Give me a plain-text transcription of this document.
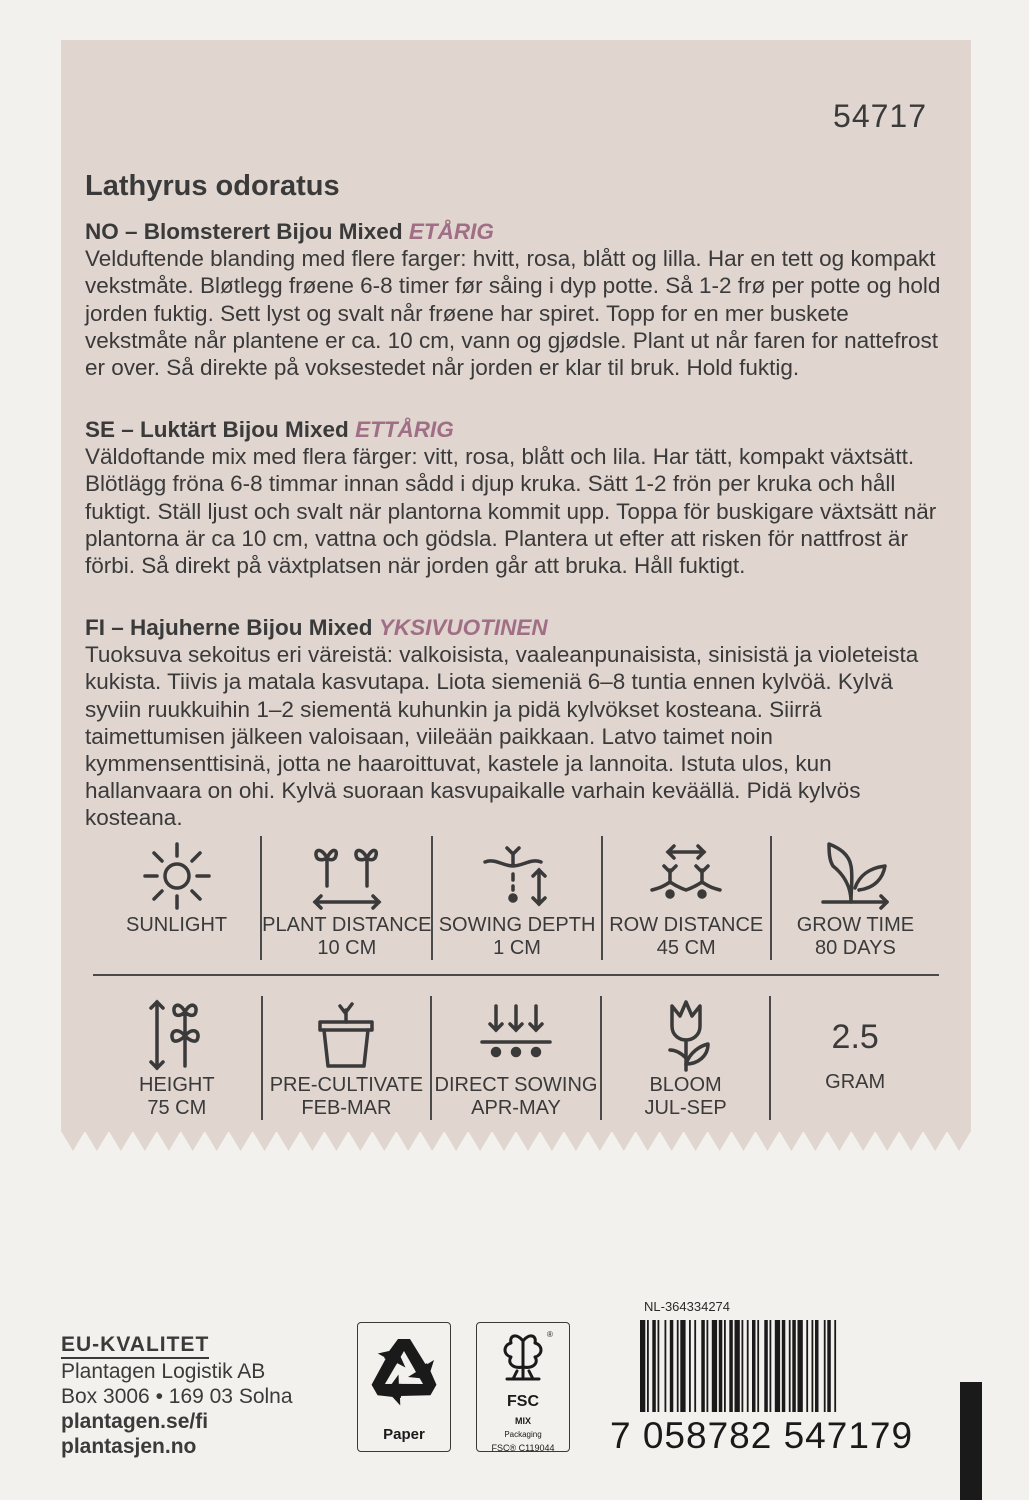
54717
Lathyrus odoratus
NO – Blomsterert Bijou Mixed ETÅRIG

Velduftende blanding med flere farger: hvitt, rosa, blått og lilla. Har en tett og kompakt vekstmåte. Bløtlegg frøene 6-8 timer før såing i dyp potte. Så 1-2 frø per potte og hold jorden fuktig. Sett lyst og svalt når frøene har spiret. Topp for en mer buskete vekstmåte når plantene er ca. 10 cm, vann og gjødsle. Plant ut når faren for nattefrost er over. Så direkte på voksestedet når jorden er klar til bruk. Hold fuktig.

SE – Luktärt Bijou Mixed ETTÅRIG

Väldoftande mix med flera färger: vitt, rosa, blått och lila. Har tätt, kompakt växtsätt. Blötlägg fröna 6-8 timmar innan sådd i djup kruka. Sätt 1-2 frön per kruka och håll fuktigt. Ställ ljust och svalt när plantorna kommit upp. Toppa för buskigare växtsätt när plantorna är ca 10 cm, vattna och gödsla. Plantera ut efter att risken för nattfrost är förbi. Så direkt på växtplatsen när jorden går att bruka. Håll fuktigt.

FI – Hajuherne Bijou Mixed YKSIVUOTINEN

Tuoksuva sekoitus eri väreistä: valkoisista, vaaleanpunaisista, sinisistä ja violeteista kukista. Tiivis ja matala kasvutapa. Liota siemeniä 6–8 tuntia ennen kylvöä. Kylvä syviin ruukkuihin 1–2 siementä kuhunkin ja pidä kylvökset kosteana. Siirrä taimettumisen jälkeen valoisaan, viileään paikkaan. Latvo taimet noin kymmensenttisinä, jotta ne haaroittuvat, kastele ja lannoita. Istuta ulos, kun hallanvaara on ohi. Kylvä suoraan kasvupaikalle varhain keväällä. Pidä kylvös kosteana.

SUNLIGHT	PLANT DISTANCE
10 CM
SOWING DEPTH
1 CM
ROW DISTANCE
45 CM
GROW TIME
80 DAYS
HEIGHT
75 CM
PRE-CULTIVATE
FEB-MAR
DIRECT SOWING
APR-MAY
BLOOM
JUL-SEP
2.5
GRAM
EU-KVALITET
Plantagen Logistik AB
Box 3006 • 169 03 Solna
plantagen.se/fi
plantasjen.no
Paper
®
FSC
MIX
Packaging
FSC® C119044
NL-364334274
7 058782 547179
